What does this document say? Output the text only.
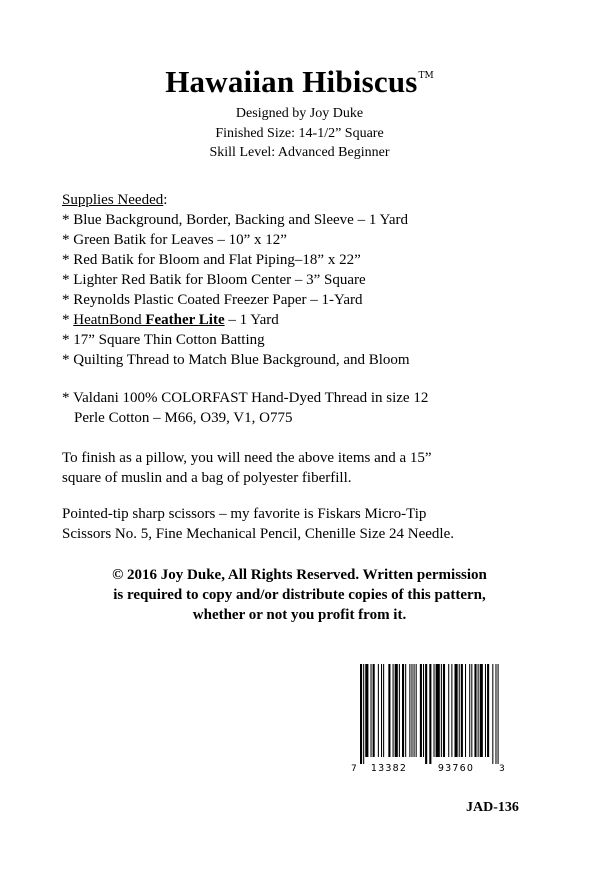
Hawaiian Hibiscus™
Designed by Joy Duke
Finished Size: 14-1/2” Square
Skill Level: Advanced Beginner
Supplies Needed:
* Blue Background, Border, Backing and Sleeve – 1 Yard
* Green Batik for Leaves – 10” x 12”
* Red Batik for Bloom and Flat Piping–18” x 22”
* Lighter Red Batik for Bloom Center – 3” Square
* Reynolds Plastic Coated Freezer Paper – 1-Yard
* HeatnBond Feather Lite – 1 Yard
* 17” Square Thin Cotton Batting
* Quilting Thread to Match Blue Background, and Bloom
* Valdani 100% COLORFAST Hand-Dyed Thread in size 12
Perle Cotton – M66, O39, V1, O775
To finish as a pillow, you will need the above items and a 15”
square of muslin and a bag of polyester fiberfill.
Pointed-tip sharp scissors – my favorite is Fiskars Micro-Tip
Scissors No. 5, Fine Mechanical Pencil, Chenille Size 24 Needle.
© 2016 Joy Duke, All Rights Reserved. Written permission
is required to copy and/or distribute copies of this pattern,
whether or not you profit from it.
7 13382	93760	3
JAD-136
